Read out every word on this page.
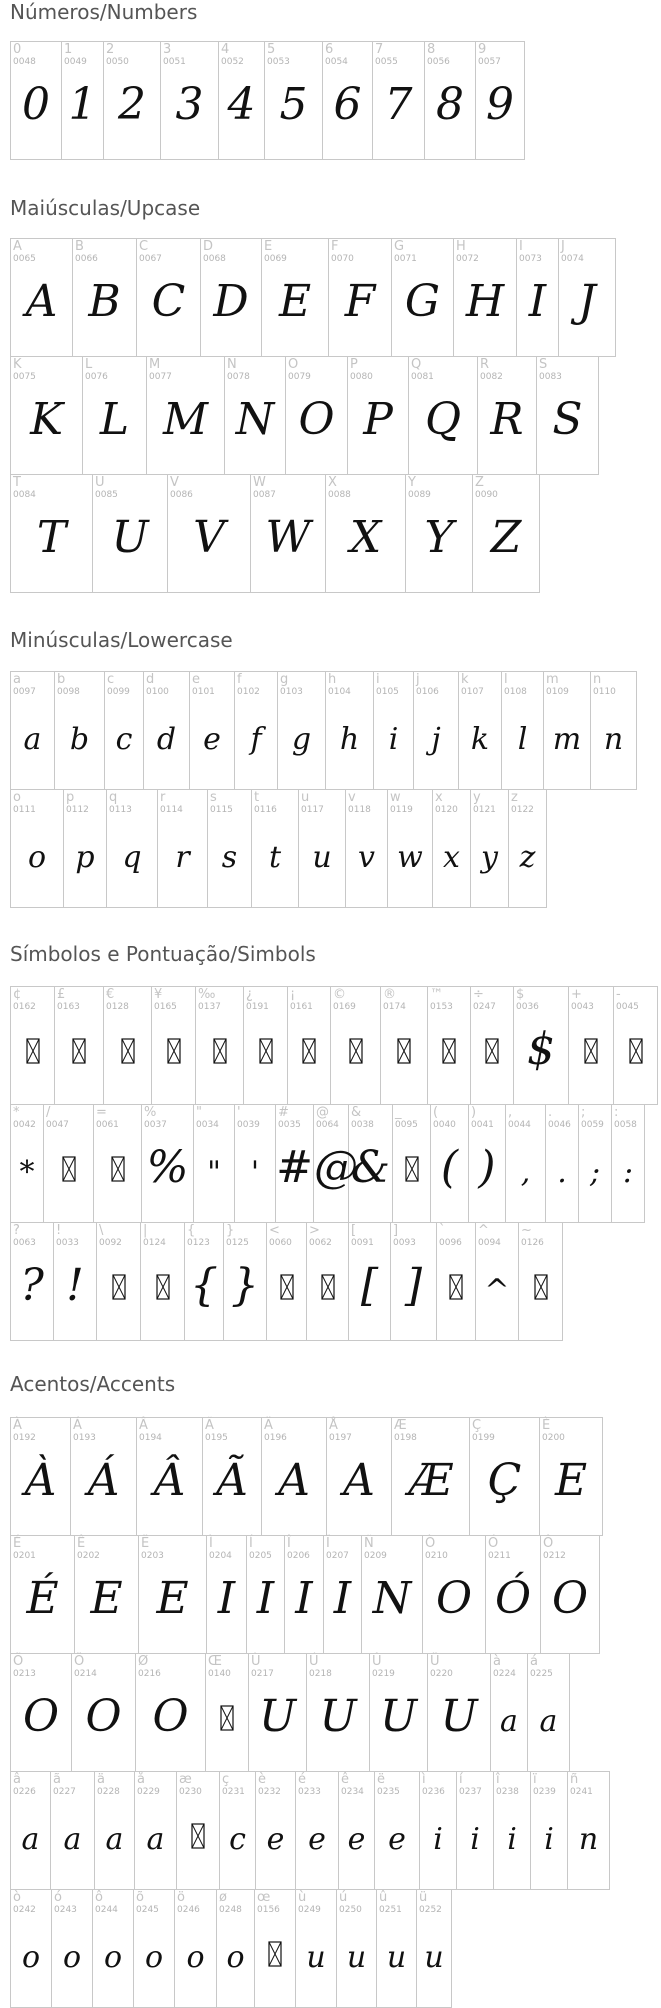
Números/Numbers
0
0048
0
1
0049
1
2
0050
2
3
0051
3
4
0052
4
5
0053
5
6
0054
6
7
0055
7
8
0056
8
9
0057
9
Maiúsculas/Upcase
A
0065
A
B
0066
B
C
0067
C
D
0068
D
E
0069
E
F
0070
F
G
0071
G
H
0072
H
I
0073
I
J
0074
J
K
0075
K
L
0076
L
M
0077
M
N
0078
N
O
0079
O
P
0080
P
Q
0081
Q
R
0082
R
S
0083
S
T
0084
T
U
0085
U
V
0086
V
W
0087
W
X
0088
X
Y
0089
Y
Z
0090
Z
Minúsculas/Lowercase
a
0097
a
b
0098
b
c
0099
c
d
0100
d
e
0101
e
f
0102
f
g
0103
g
h
0104
h
i
0105
i
j
0106
j
k
0107
k
l
0108
l
m
0109
m
n
0110
n
o
0111
o
p
0112
p
q
0113
q
r
0114
r
s
0115
s
t
0116
t
u
0117
u
v
0118
v
w
0119
w
x
0120
x
y
0121
y
z
0122
z
Símbolos e Pontuação/Simbols
¢
0162
£
0163
€
0128
¥
0165
‰
0137
¿
0191
¡
0161
©
0169
®
0174
™
0153
÷
0247
$
0036
$
+
0043
-
0045
*
0042
*
/
0047
=
0061
%
0037
%
"
0034
"
'
0039
'
#
0035
#
@
0064
@
&
0038
&
_
0095
(
0040
(
)
0041
)
,
0044
,
.
0046
.
;
0059
;
:
0058
:
?
0063
?
!
0033
!
\
0092
|
0124
{
0123
{
}
0125
}
<
0060
>
0062
[
0091
[
]
0093
]
`
0096
^
0094
^
~
0126
Acentos/Accents
À
0192
À
Á
0193
Á
Â
0194
Â
Ã
0195
Ã
Ä
0196
A
Å
0197
A
Æ
0198
Æ
Ç
0199
Ç
È
0200
E
É
0201
É
Ê
0202
E
Ë
0203
E
Ì
0204
I
Í
0205
I
Î
0206
I
Ï
0207
I
Ñ
0209
N
Ò
0210
O
Ó
0211
Ó
Ô
0212
O
Õ
0213
O
Ö
0214
O
Ø
0216
O
Œ
0140
Ù
0217
U
Ú
0218
U
Û
0219
U
Ü
0220
U
à
0224
a
á
0225
a
â
0226
a
ã
0227
a
ä
0228
a
å
0229
a
æ
0230
ç
0231
c
è
0232
e
é
0233
e
ê
0234
e
ë
0235
e
ì
0236
i
í
0237
i
î
0238
i
ï
0239
i
ñ
0241
n
ò
0242
o
ó
0243
o
ô
0244
o
õ
0245
o
ö
0246
o
ø
0248
o
œ
0156
ù
0249
u
ú
0250
u
û
0251
u
ü
0252
u
